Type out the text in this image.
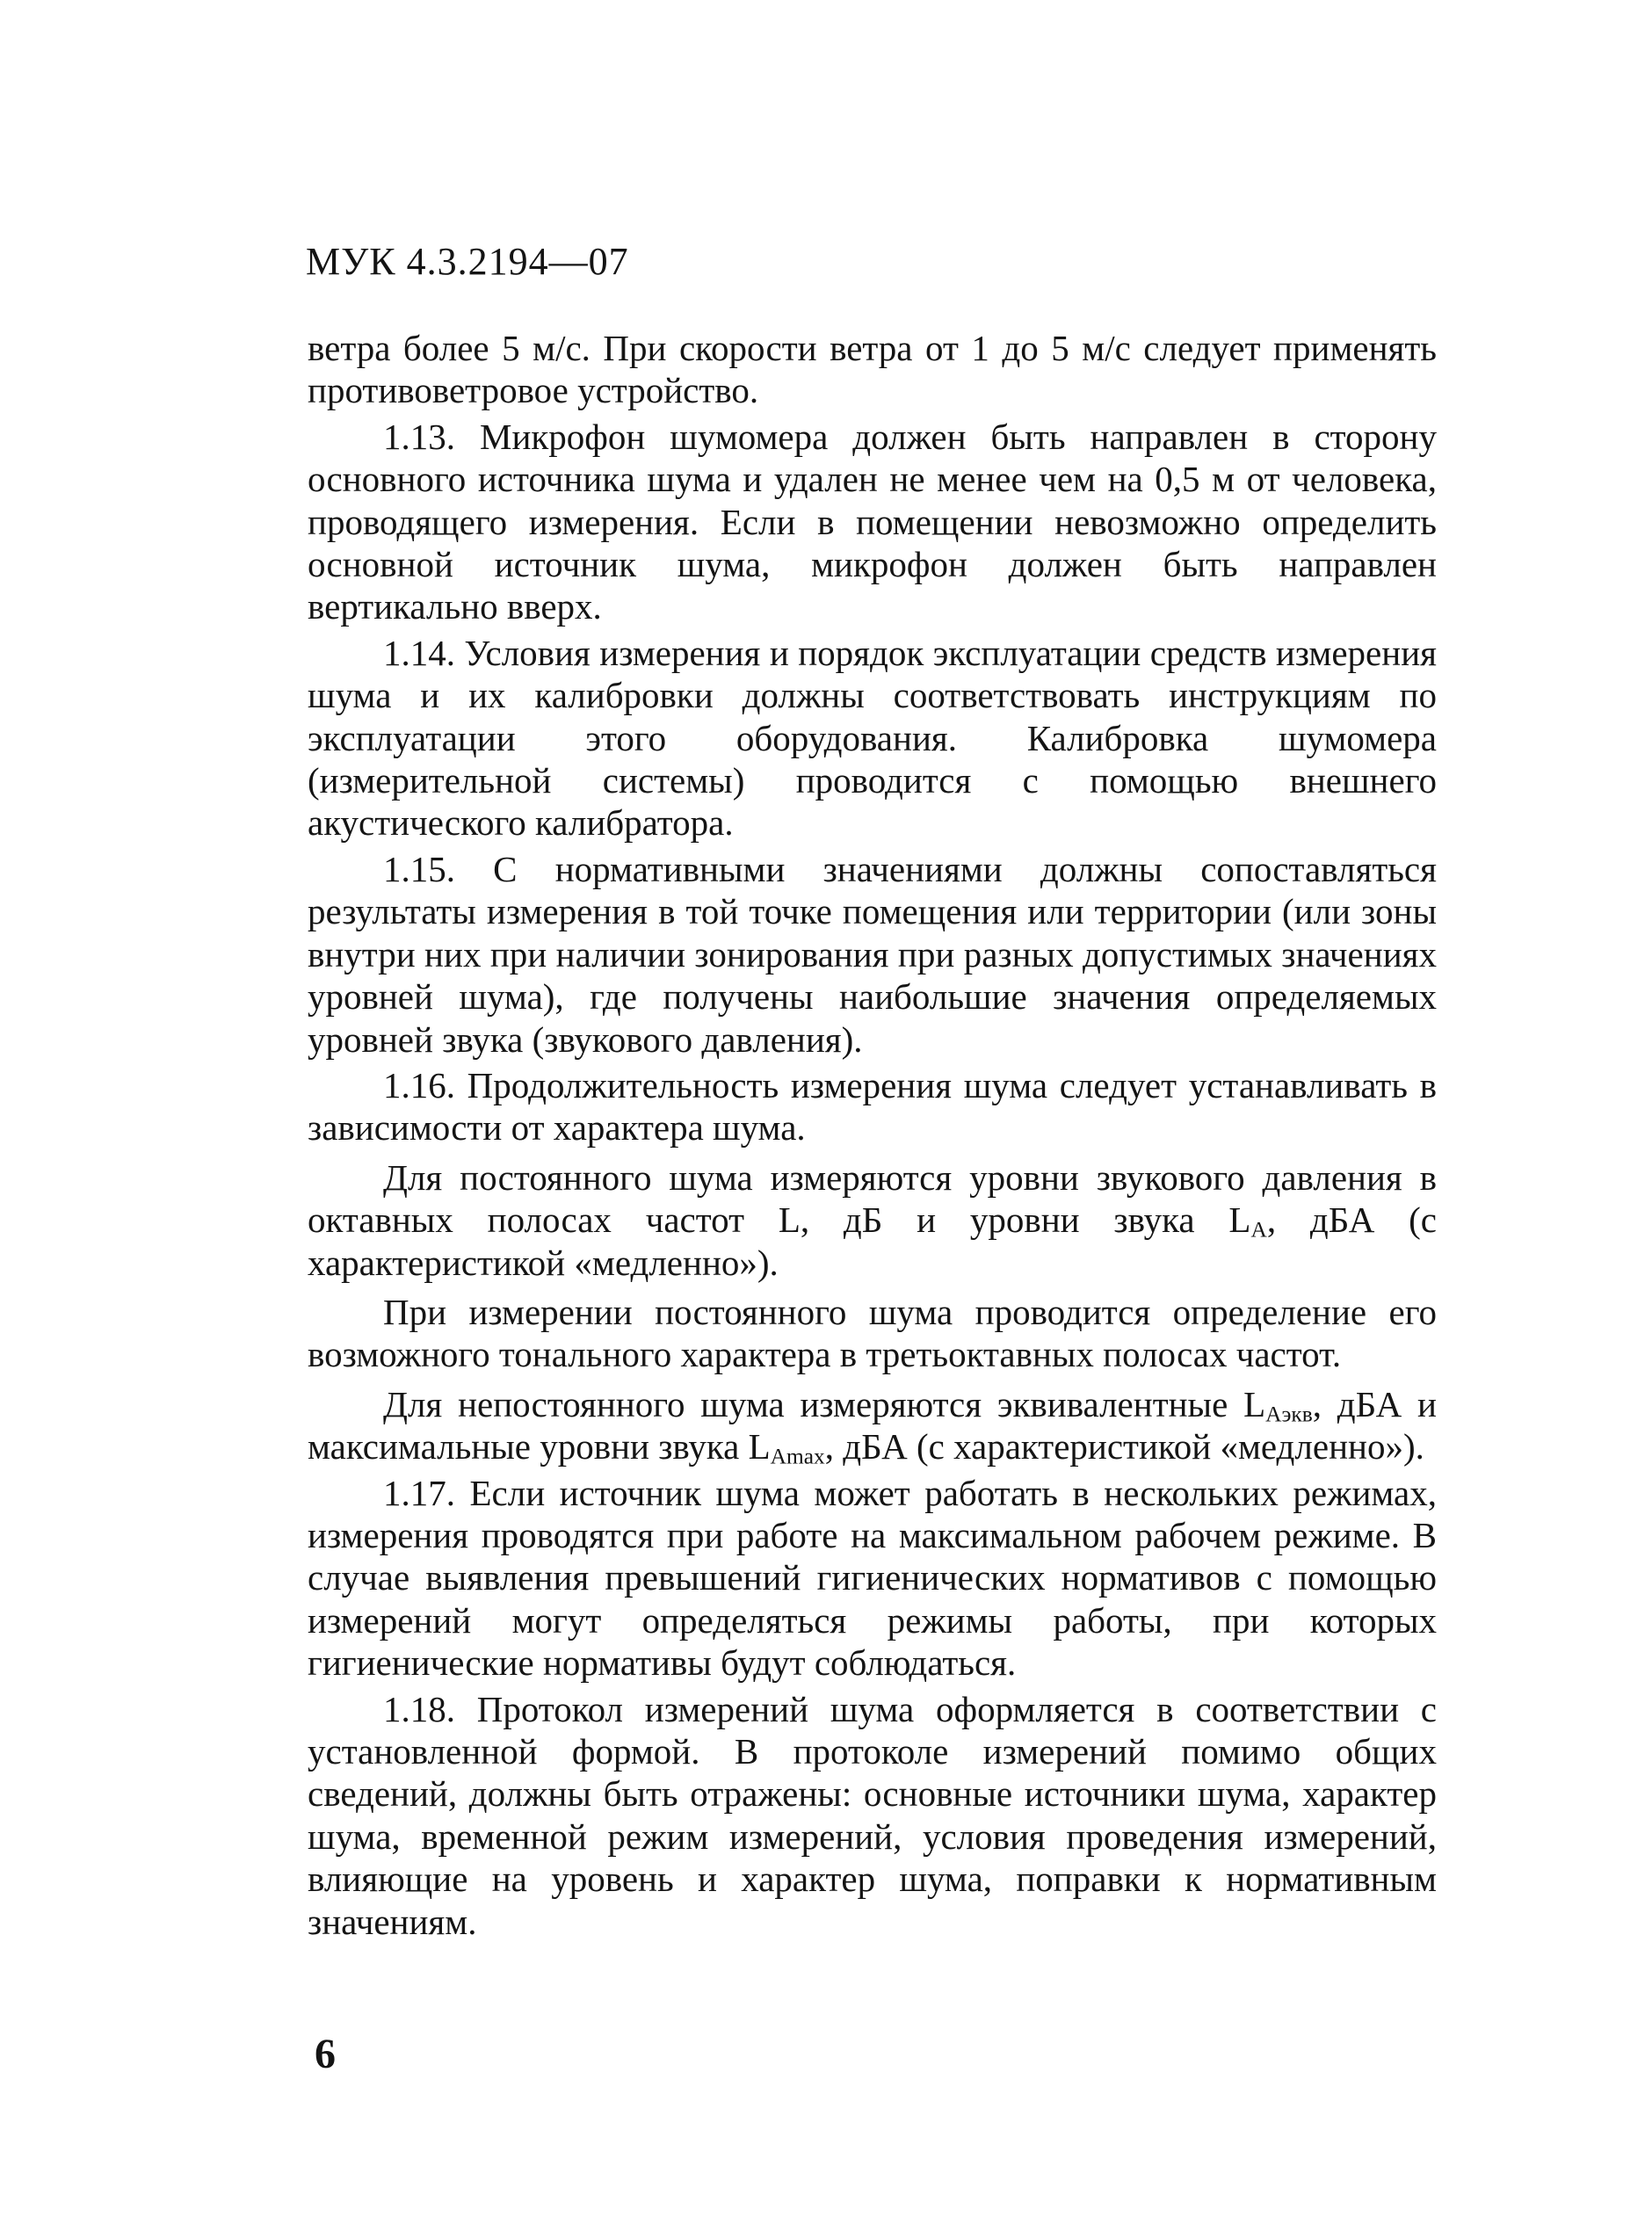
МУК 4.3.2194—07

ветра более 5 м/с. При скорости ветра от 1 до 5 м/с следует применять противоветровое устройство.

1.13. Микрофон шумомера должен быть направлен в сторону основного источника шума и удален не менее чем на 0,5 м от человека, проводящего измерения. Если в помещении невозможно определить основной источник шума, микрофон должен быть направлен вертикально вверх.

1.14. Условия измерения и порядок эксплуатации средств измерения шума и их калибровки должны соответствовать инструкциям по эксплуатации этого оборудования. Калибровка шумомера (измерительной системы) проводится с помощью внешнего акустического калибратора.

1.15. С нормативными значениями должны сопоставляться результаты измерения в той точке помещения или территории (или зоны внутри них при наличии зонирования при разных допустимых значениях уровней шума), где получены наибольшие значения определяемых уровней звука (звукового давления).

1.16. Продолжительность измерения шума следует устанавливать в зависимости от характера шума.

Для постоянного шума измеряются уровни звукового давления в октавных полосах частот L, дБ и уровни звука $L_A$, дБА (с характеристикой «медленно»).

При измерении постоянного шума проводится определение его возможного тонального характера в третьоктавных полосах частот.

Для непостоянного шума измеряются эквивалентные $L_{Аэкв}$, дБА и максимальные уровни звука $L_{Аmax}$, дБА (с характеристикой «медленно»).

1.17. Если источник шума может работать в нескольких режимах, измерения проводятся при работе на максимальном рабочем режиме. В случае выявления превышений гигиенических нормативов с помощью измерений могут определяться режимы работы, при которых гигиенические нормативы будут соблюдаться.

1.18. Протокол измерений шума оформляется в соответствии с установленной формой. В протоколе измерений помимо общих сведений, должны быть отражены: основные источники шума, характер шума, временной режим измерений, условия проведения измерений, влияющие на уровень и характер шума, поправки к нормативным значениям.

6
